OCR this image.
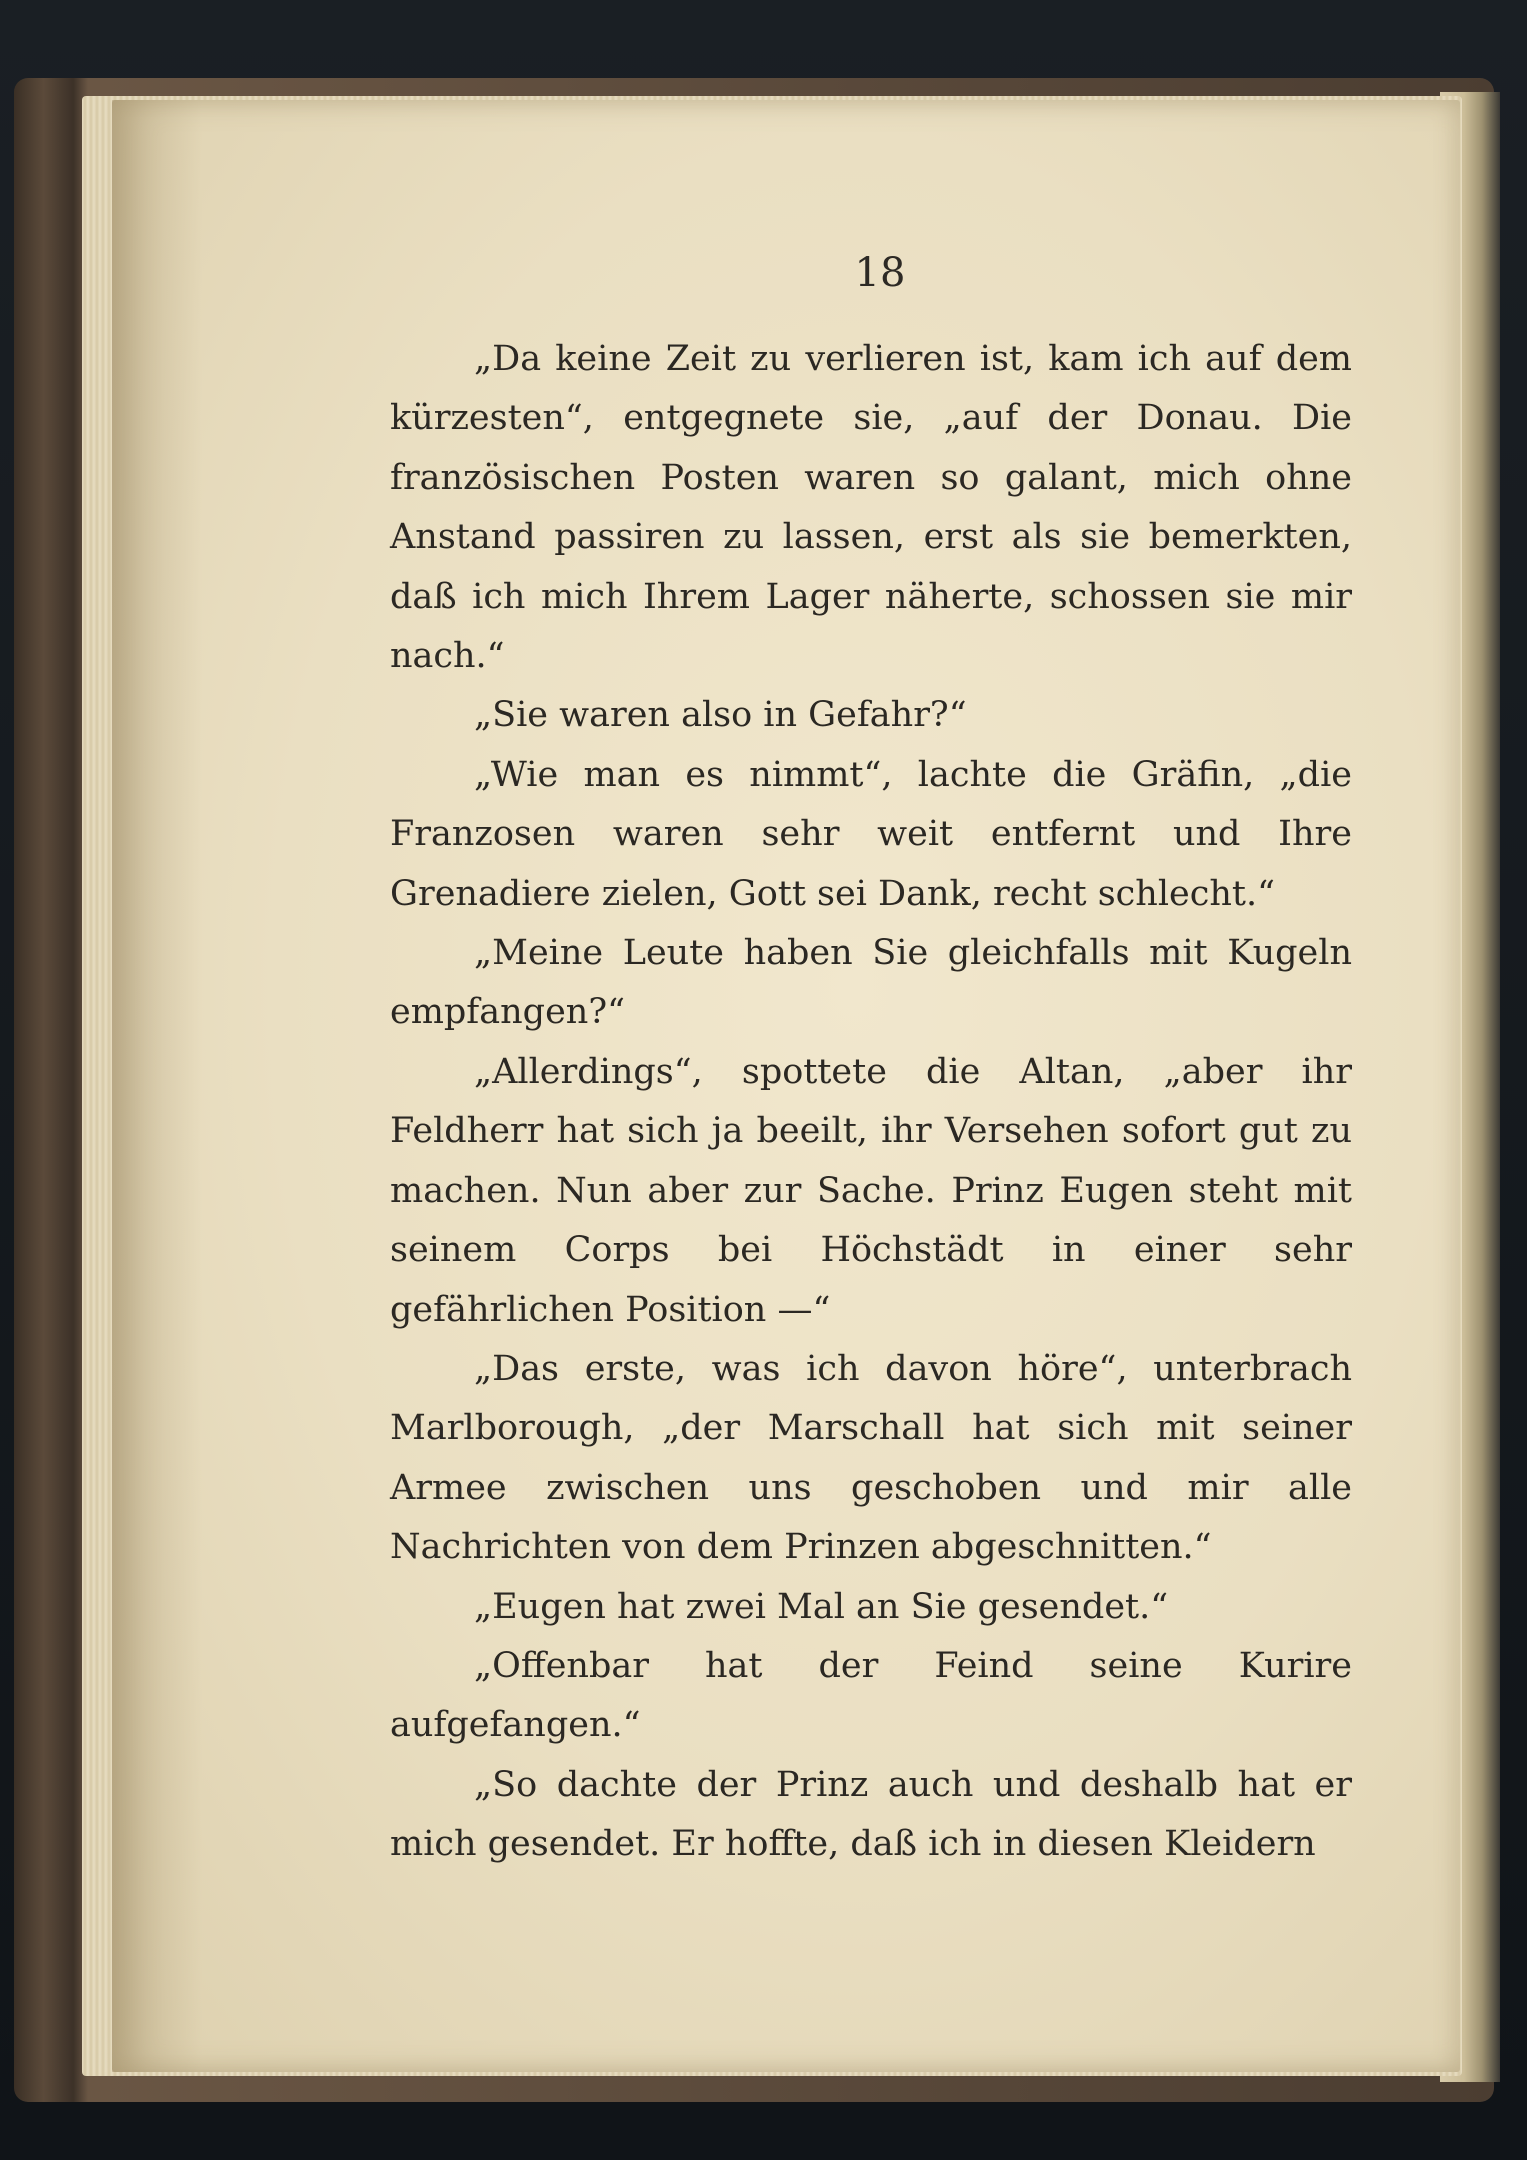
18

„Da keine Zeit zu verlieren ist, kam ich auf dem kürzesten“, entgegnete sie, „auf der Donau. Die französischen Posten waren so galant, mich ohne Anstand passiren zu lassen, erst als sie bemerkten, daß ich mich Ihrem Lager näherte, schossen sie mir nach.“

„Sie waren also in Gefahr?“

„Wie man es nimmt“, lachte die Gräfin, „die Franzosen waren sehr weit entfernt und Ihre Grenadiere zielen, Gott sei Dank, recht schlecht.“

„Meine Leute haben Sie gleichfalls mit Kugeln empfangen?“

„Allerdings“, spottete die Altan, „aber ihr Feldherr hat sich ja beeilt, ihr Versehen sofort gut zu machen. Nun aber zur Sache. Prinz Eugen steht mit seinem Corps bei Höchstädt in einer sehr gefährlichen Position —“

„Das erste, was ich davon höre“, unterbrach Marlborough, „der Marschall hat sich mit seiner Armee zwischen uns geschoben und mir alle Nachrichten von dem Prinzen abgeschnitten.“

„Eugen hat zwei Mal an Sie gesendet.“

„Offenbar hat der Feind seine Kurire aufgefangen.“

„So dachte der Prinz auch und deshalb hat er mich gesendet. Er hoffte, daß ich in diesen Kleidern
